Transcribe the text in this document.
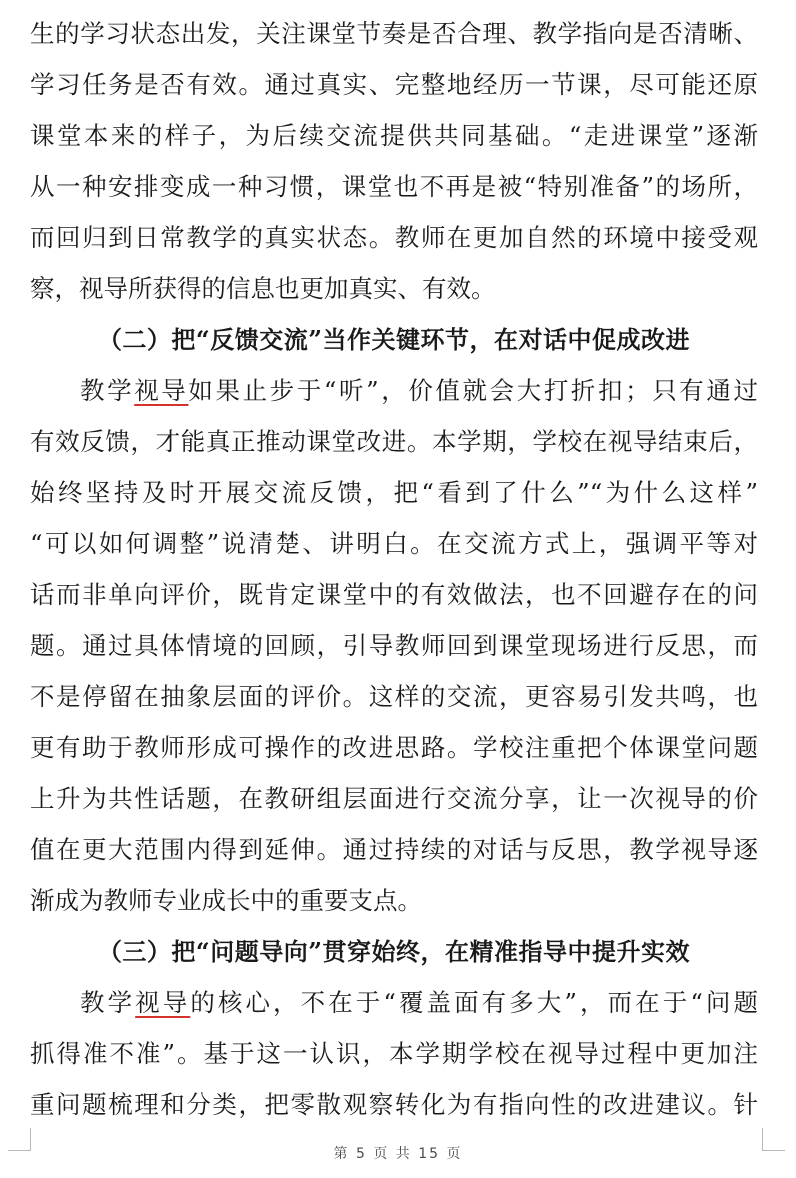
生的学习状态出发，关注课堂节奏是否合理、教学指向是否清晰、
学习任务是否有效。通过真实、完整地经历一节课，尽可能还原
课堂本来的样子，为后续交流提供共同基础。“走进课堂”逐渐
从一种安排变成一种习惯，课堂也不再是被“特别准备”的场所，
而回归到日常教学的真实状态。教师在更加自然的环境中接受观
察，视导所获得的信息也更加真实、有效。
（二）把“反馈交流”当作关键环节，在对话中促成改进
教学视导如果止步于“听”，价值就会大打折扣；只有通过
有效反馈，才能真正推动课堂改进。本学期，学校在视导结束后，
始终坚持及时开展交流反馈，把“看到了什么”“为什么这样”
“可以如何调整”说清楚、讲明白。在交流方式上，强调平等对
话而非单向评价，既肯定课堂中的有效做法，也不回避存在的问
题。通过具体情境的回顾，引导教师回到课堂现场进行反思，而
不是停留在抽象层面的评价。这样的交流，更容易引发共鸣，也
更有助于教师形成可操作的改进思路。学校注重把个体课堂问题
上升为共性话题，在教研组层面进行交流分享，让一次视导的价
值在更大范围内得到延伸。通过持续的对话与反思，教学视导逐
渐成为教师专业成长中的重要支点。
（三）把“问题导向”贯穿始终，在精准指导中提升实效
教学视导的核心，不在于“覆盖面有多大”，而在于“问题
抓得准不准”。基于这一认识，本学期学校在视导过程中更加注
重问题梳理和分类，把零散观察转化为有指向性的改进建议。针
第 5 页 共 15 页
